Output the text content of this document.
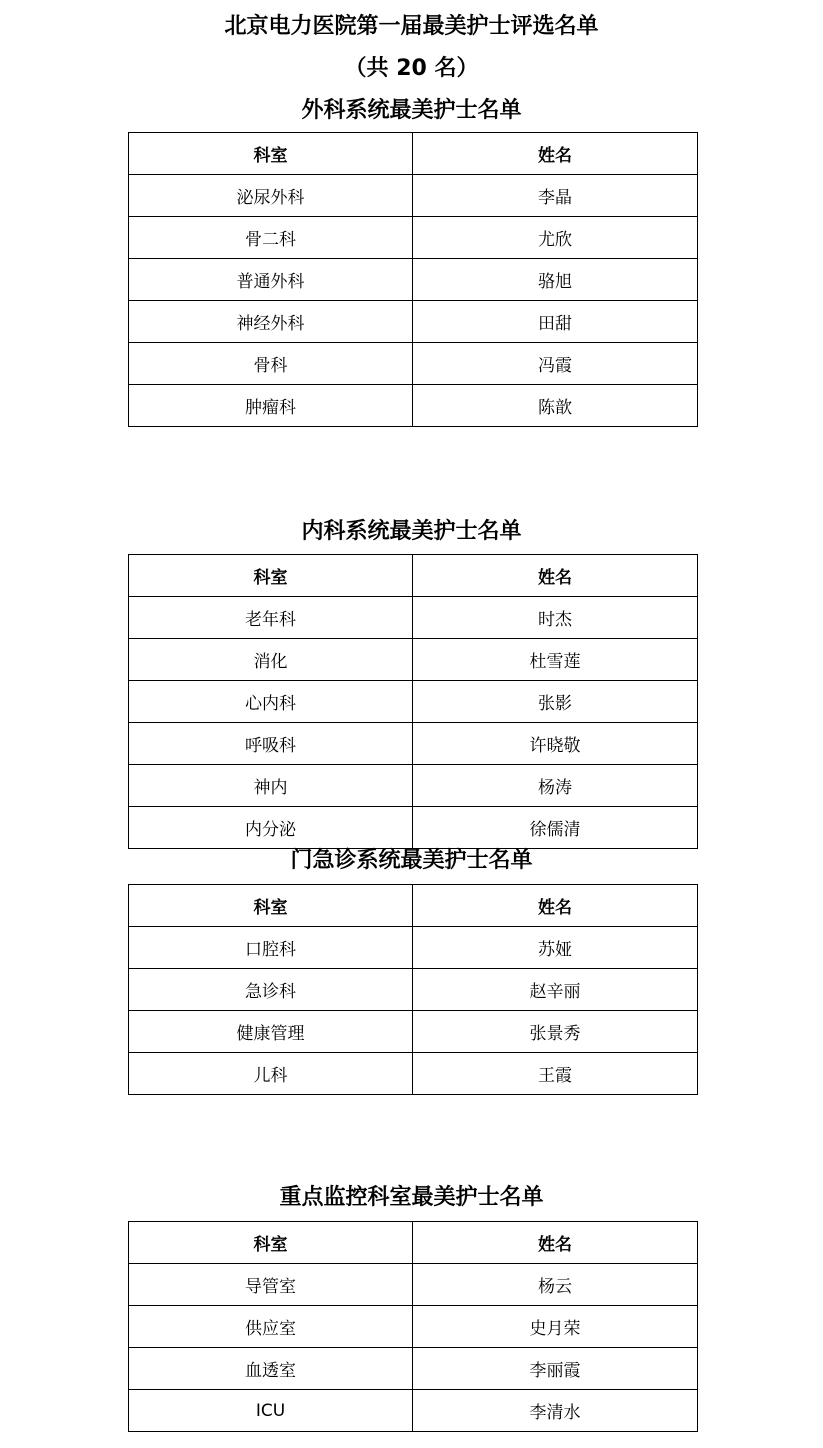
北京电力医院第一届最美护士评选名单
（共 20 名）
外科系统最美护士名单
科室	姓名
泌尿外科	李晶
骨二科	尤欣
普通外科	骆旭
神经外科	田甜
骨科	冯霞
肿瘤科	陈歆
内科系统最美护士名单
科室	姓名
老年科	时杰
消化	杜雪莲
心内科	张影
呼吸科	许晓敬
神内	杨涛
内分泌	徐儒清
门急诊系统最美护士名单
科室	姓名
口腔科	苏娅
急诊科	赵辛丽
健康管理	张景秀
儿科	王霞
重点监控科室最美护士名单
科室	姓名
导管室	杨云
供应室	史月荣
血透室	李丽霞
ICU	李清水
